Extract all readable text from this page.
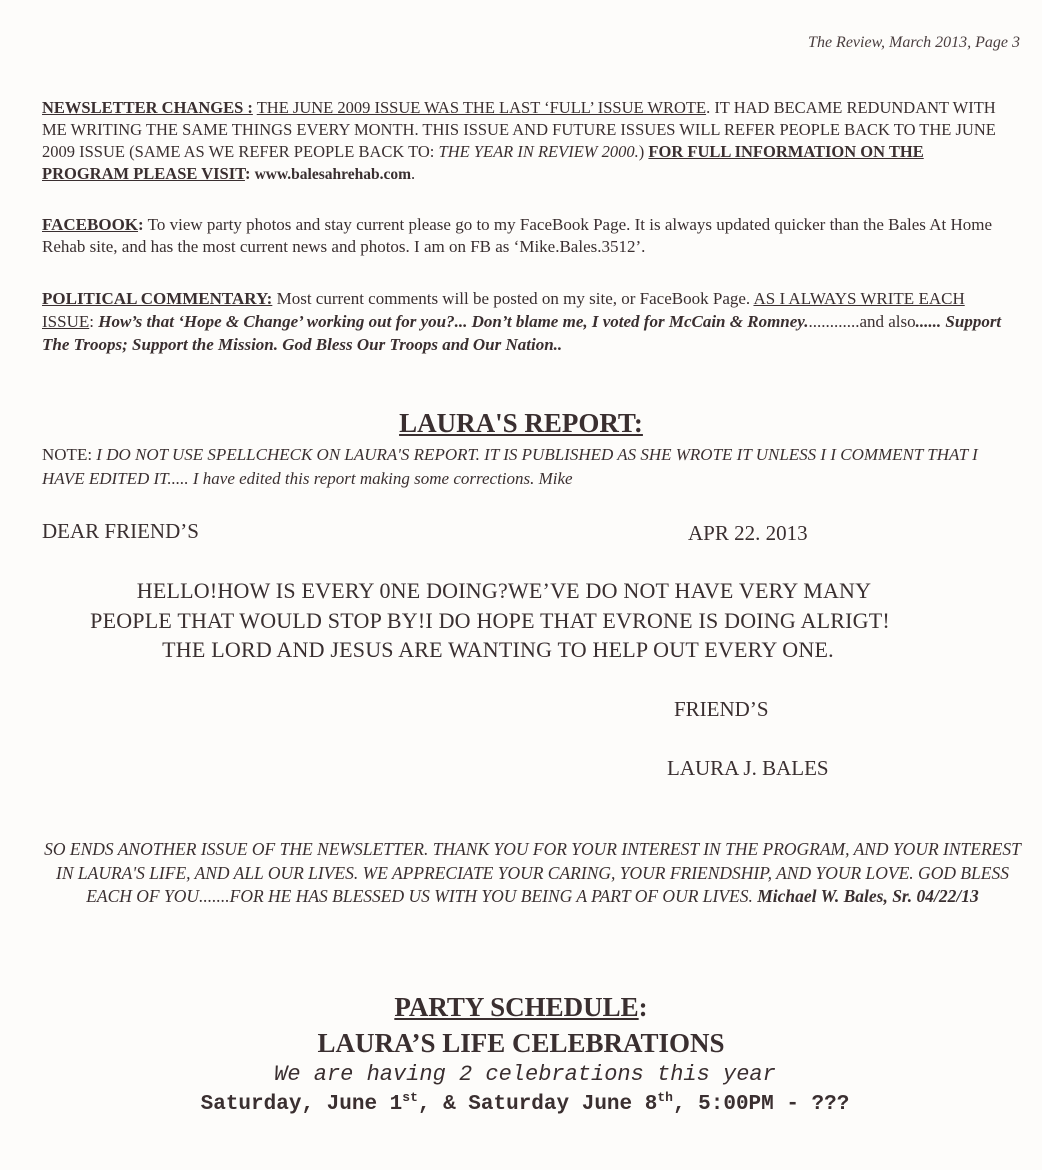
The Review, March 2013, Page 3
NEWSLETTER CHANGES : THE JUNE 2009 ISSUE WAS THE LAST ‘FULL’ ISSUE WROTE. IT HAD BECAME REDUNDANT WITH ME WRITING THE SAME THINGS EVERY MONTH. THIS ISSUE AND FUTURE ISSUES WILL REFER PEOPLE BACK TO THE JUNE 2009 ISSUE (SAME AS WE REFER PEOPLE BACK TO: THE YEAR IN REVIEW 2000.) FOR FULL INFORMATION ON THE PROGRAM PLEASE VISIT: www.balesahrehab.com.
FACEBOOK: To view party photos and stay current please go to my FaceBook Page. It is always updated quicker than the Bales At Home Rehab site, and has the most current news and photos. I am on FB as ‘Mike.Bales.3512’.
POLITICAL COMMENTARY: Most current comments will be posted on my site, or FaceBook Page. AS I ALWAYS WRITE EACH ISSUE: How’s that ‘Hope & Change’ working out for you?... Don’t blame me, I voted for McCain & Romney.............and also...... Support The Troops; Support the Mission. God Bless Our Troops and Our Nation..
LAURA'S REPORT:
NOTE: I DO NOT USE SPELLCHECK ON LAURA'S REPORT. IT IS PUBLISHED AS SHE WROTE IT UNLESS I I COMMENT THAT I HAVE EDITED IT..... I have edited this report making some corrections. Mike
DEAR FRIEND’S	APR 22. 2013
HELLO!HOW IS EVERY 0NE DOING?WE’VE DO NOT HAVE VERY MANY
PEOPLE THAT WOULD STOP BY!I DO HOPE THAT EVRONE IS DOING ALRIGT!
THE LORD AND JESUS ARE WANTING TO HELP OUT EVERY ONE.
FRIEND’S
LAURA J. BALES
SO ENDS ANOTHER ISSUE OF THE NEWSLETTER. THANK YOU FOR YOUR INTEREST IN THE PROGRAM, AND YOUR INTEREST IN LAURA'S LIFE, AND ALL OUR LIVES. WE APPRECIATE YOUR CARING, YOUR FRIENDSHIP, AND YOUR LOVE. GOD BLESS EACH OF YOU.......FOR HE HAS BLESSED US WITH YOU BEING A PART OF OUR LIVES. Michael W. Bales, Sr. 04/22/13
PARTY SCHEDULE:
LAURA’S LIFE CELEBRATIONS
We are having 2 celebrations this year
Saturday, June 1st, & Saturday June 8th, 5:00PM - ???
